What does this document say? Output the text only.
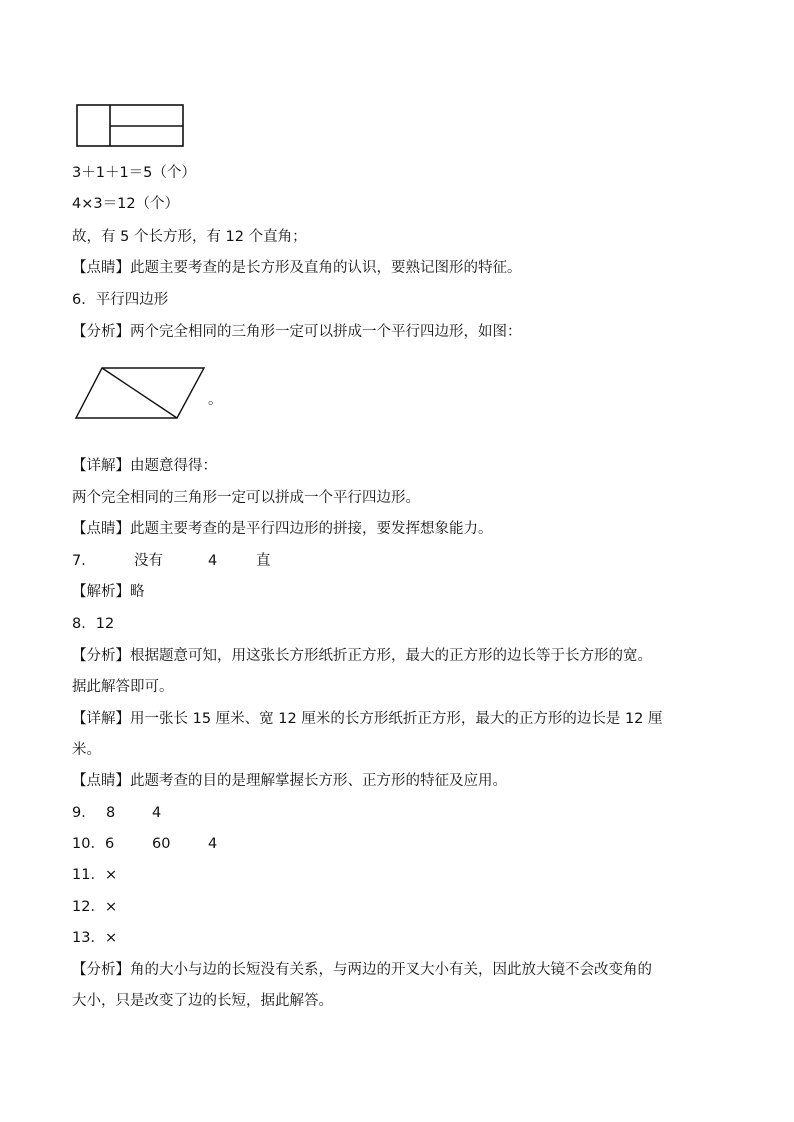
3＋1＋1＝5（个）
4×3＝12（个）
故，有 5 个长方形，有 12 个直角；
【点睛】此题主要考查的是长方形及直角的认识，要熟记图形的特征。
6．平行四边形
【分析】两个完全相同的三角形一定可以拼成一个平行四边形，如图：
。
【详解】由题意得得：
两个完全相同的三角形一定可以拼成一个平行四边形。
【点睛】此题主要考查的是平行四边形的拼接，要发挥想象能力。
7．	没有	4	直
【解析】略
8．12
【分析】根据题意可知，用这张长方形纸折正方形，最大的正方形的边长等于长方形的宽。
据此解答即可。
【详解】用一张长 15 厘米、宽 12 厘米的长方形纸折正方形，最大的正方形的边长是 12 厘
米。
【点睛】此题考查的目的是理解掌握长方形、正方形的特征及应用。
9． 8	4
10．6	60	4
11．×
12．×
13．×
【分析】角的大小与边的长短没有关系，与两边的开叉大小有关，因此放大镜不会改变角的
大小，只是改变了边的长短，据此解答。
